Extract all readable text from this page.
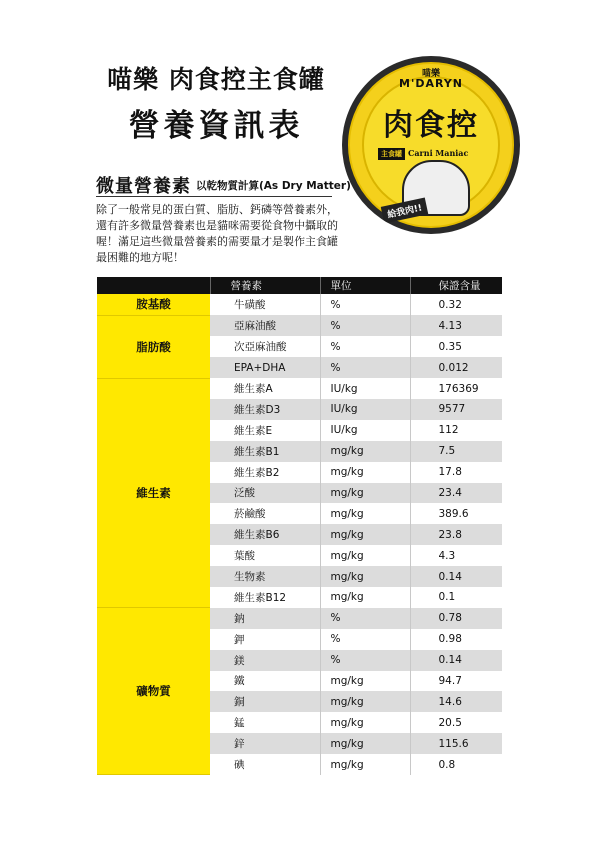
喵樂 肉食控主食罐
營養資訊表
喵樂
M'DARYN
肉食控
主食罐 Carni Maniac
給我肉!!
微量營養素 以乾物質計算(As Dry Matter)
除了一般常見的蛋白質、脂肪、鈣磷等營養素外，還有許多微量營養素也是貓咪需要從食物中攝取的喔！滿足這些微量營養素的需要量才是製作主食罐最困難的地方呢！
	營養素	單位	保證含量
胺基酸	牛磺酸	%	0.32
脂肪酸	亞麻油酸	%	4.13
	次亞麻油酸	%	0.35
	EPA+DHA	%	0.012
維生素	維生素A	IU/kg	176369
	維生素D3	IU/kg	9577
	維生素E	IU/kg	112
	維生素B1	mg/kg	7.5
	維生素B2	mg/kg	17.8
	泛酸	mg/kg	23.4
	菸鹼酸	mg/kg	389.6
	維生素B6	mg/kg	23.8
	葉酸	mg/kg	4.3
	生物素	mg/kg	0.14
	維生素B12	mg/kg	0.1
礦物質	鈉	%	0.78
	鉀	%	0.98
	鎂	%	0.14
	鐵	mg/kg	94.7
	銅	mg/kg	14.6
	錳	mg/kg	20.5
	鋅	mg/kg	115.6
	碘	mg/kg	0.8
